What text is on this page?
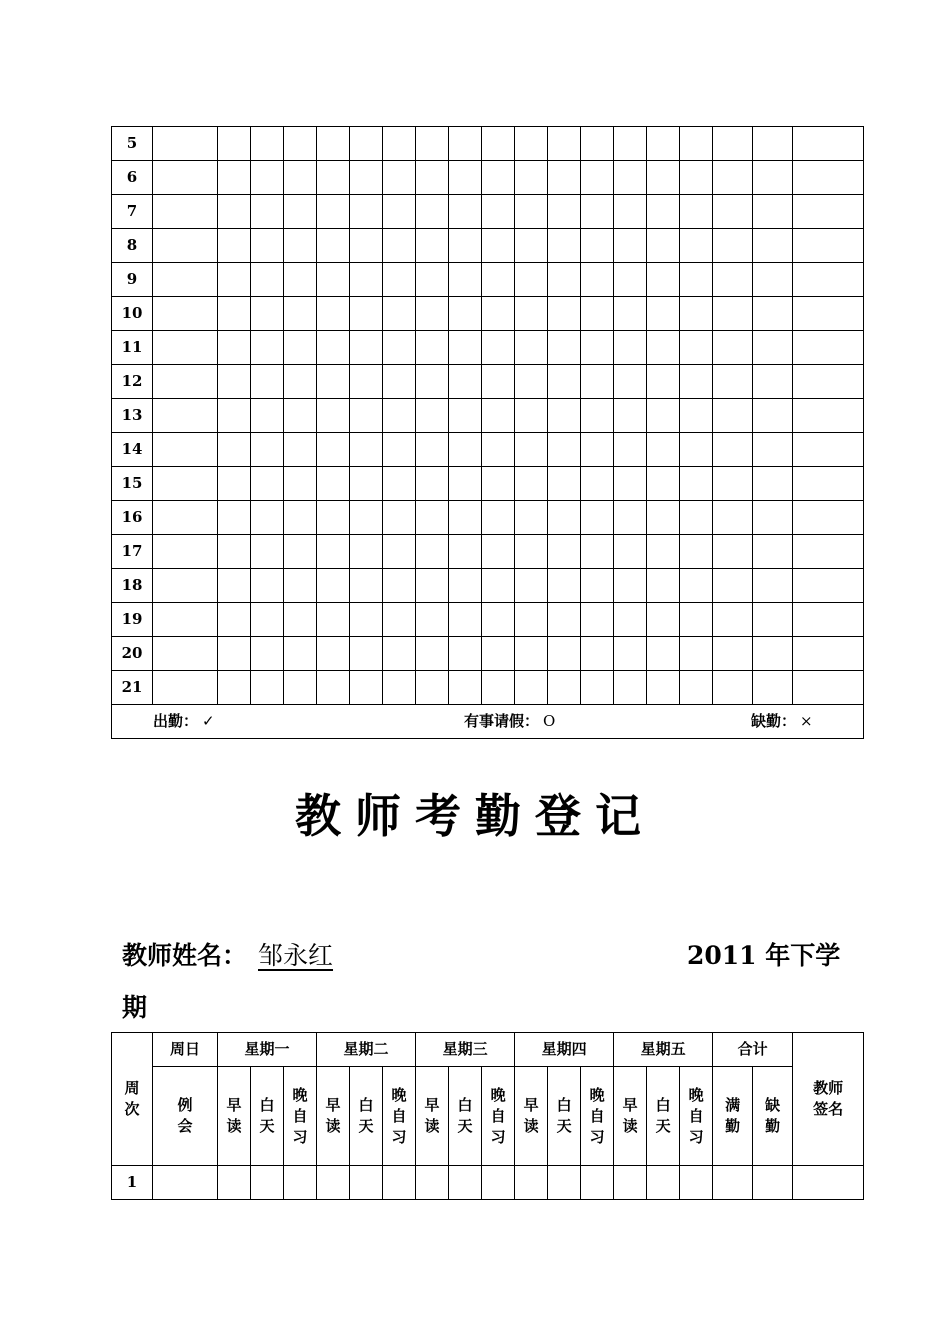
5																			
6																			
7																			
8																			
9																			
10																			
11																			
12																			
13																			
14																			
15																			
16																			
17																			
18																			
19																			
20																			
21																			

出勤： ✓ 有事请假： O 缺勤： ×																			
教师考勤登记
教师姓名： 邹永红	2011 年下学
期
周次	周日	星期一			星期二			星期三			星期四			星期五			合计		教师签名
	例会	早读	白天	晚自习	早读	白天	晚自习	早读	白天	晚自习	早读	白天	晚自习	早读	白天	晚自习	满勤	缺勤	
1																			
